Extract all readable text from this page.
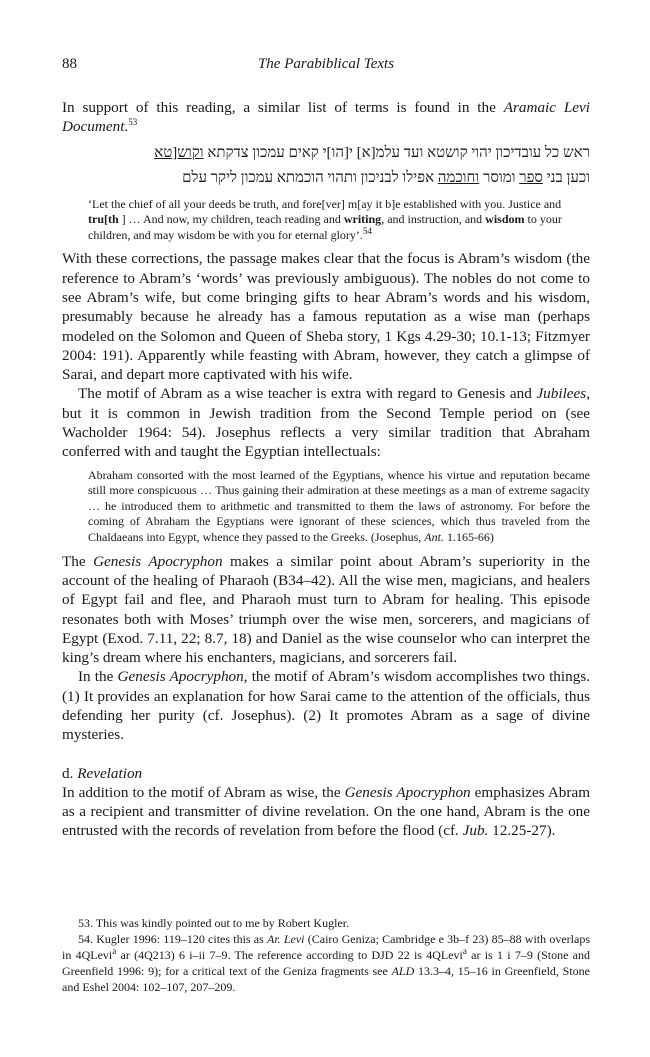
88	The Parabiblical Texts

In support of this reading, a similar list of terms is found in the Aramaic Levi Document.$^{53}$

ראש כל עובדיכון יהוי קושטא ועד עלמ[א] י[הו]י קאים עמכון צדקתא וקוש[טא
וכען בני ספר ומוסר וחוכמה אפילו לבניכון ותהוי הוכמתא עמכון ליקר עלם
‘Let the chief of all your deeds be truth, and fore[ver] m[ay it b]e established with you. Justice and tru[th ] … And now, my children, teach reading and writing, and instruction, and wisdom to your children, and may wisdom be with you for eternal glory’.$^{54}$

With these corrections, the passage makes clear that the focus is Abram’s wisdom (the reference to Abram’s ‘words’ was previously ambiguous). The nobles do not come to see Abram’s wife, but come bringing gifts to hear Abram’s words and his wisdom, presumably because he already has a famous reputation as a wise man (perhaps modeled on the Solomon and Queen of Sheba story, 1 Kgs 4.29-30; 10.1-13; Fitzmyer 2004: 191). Apparently while feasting with Abram, however, they catch a glimpse of Sarai, and depart more captivated with his wife.

The motif of Abram as a wise teacher is extra with regard to Genesis and Jubilees, but it is common in Jewish tradition from the Second Temple period on (see Wacholder 1964: 54). Josephus reflects a very similar tradition that Abraham conferred with and taught the Egyptian intellectuals:

Abraham consorted with the most learned of the Egyptians, whence his virtue and reputation became still more conspicuous … Thus gaining their admiration at these meetings as a man of extreme sagacity … he introduced them to arithmetic and transmitted to them the laws of astronomy. For before the coming of Abraham the Egyptians were ignorant of these sciences, which thus traveled from the Chaldaeans into Egypt, whence they passed to the Greeks. (Josephus, Ant. 1.165-66)

The Genesis Apocryphon makes a similar point about Abram’s superiority in the account of the healing of Pharaoh (B34–42). All the wise men, magicians, and healers of Egypt fail and flee, and Pharaoh must turn to Abram for healing. This episode resonates both with Moses’ triumph over the wise men, sorcerers, and magicians of Egypt (Exod. 7.11, 22; 8.7, 18) and Daniel as the wise counselor who can interpret the king’s dream where his enchanters, magicians, and sorcerers fail.

In the Genesis Apocryphon, the motif of Abram’s wisdom accomplishes two things. (1) It provides an explanation for how Sarai came to the attention of the officials, thus defending her purity (cf. Josephus). (2) It promotes Abram as a sage of divine mysteries.

d. Revelation

In addition to the motif of Abram as wise, the Genesis Apocryphon emphasizes Abram as a recipient and transmitter of divine revelation. On the one hand, Abram is the one entrusted with the records of revelation from before the flood (cf. Jub. 12.25-27).

53. This was kindly pointed out to me by Robert Kugler.
54. Kugler 1996: 119–120 cites this as Ar. Levi (Cairo Geniza; Cambridge e 3b–f 23) 85–88 with overlaps in 4QLevi$^a$ ar (4Q213) 6 i–ii 7–9. The reference according to DJD 22 is 4QLevi$^a$ ar is 1 i 7–9 (Stone and Greenfield 1996: 9); for a critical text of the Geniza fragments see ALD 13.3–4, 15–16 in Greenfield, Stone and Eshel 2004: 102–107, 207–209.
